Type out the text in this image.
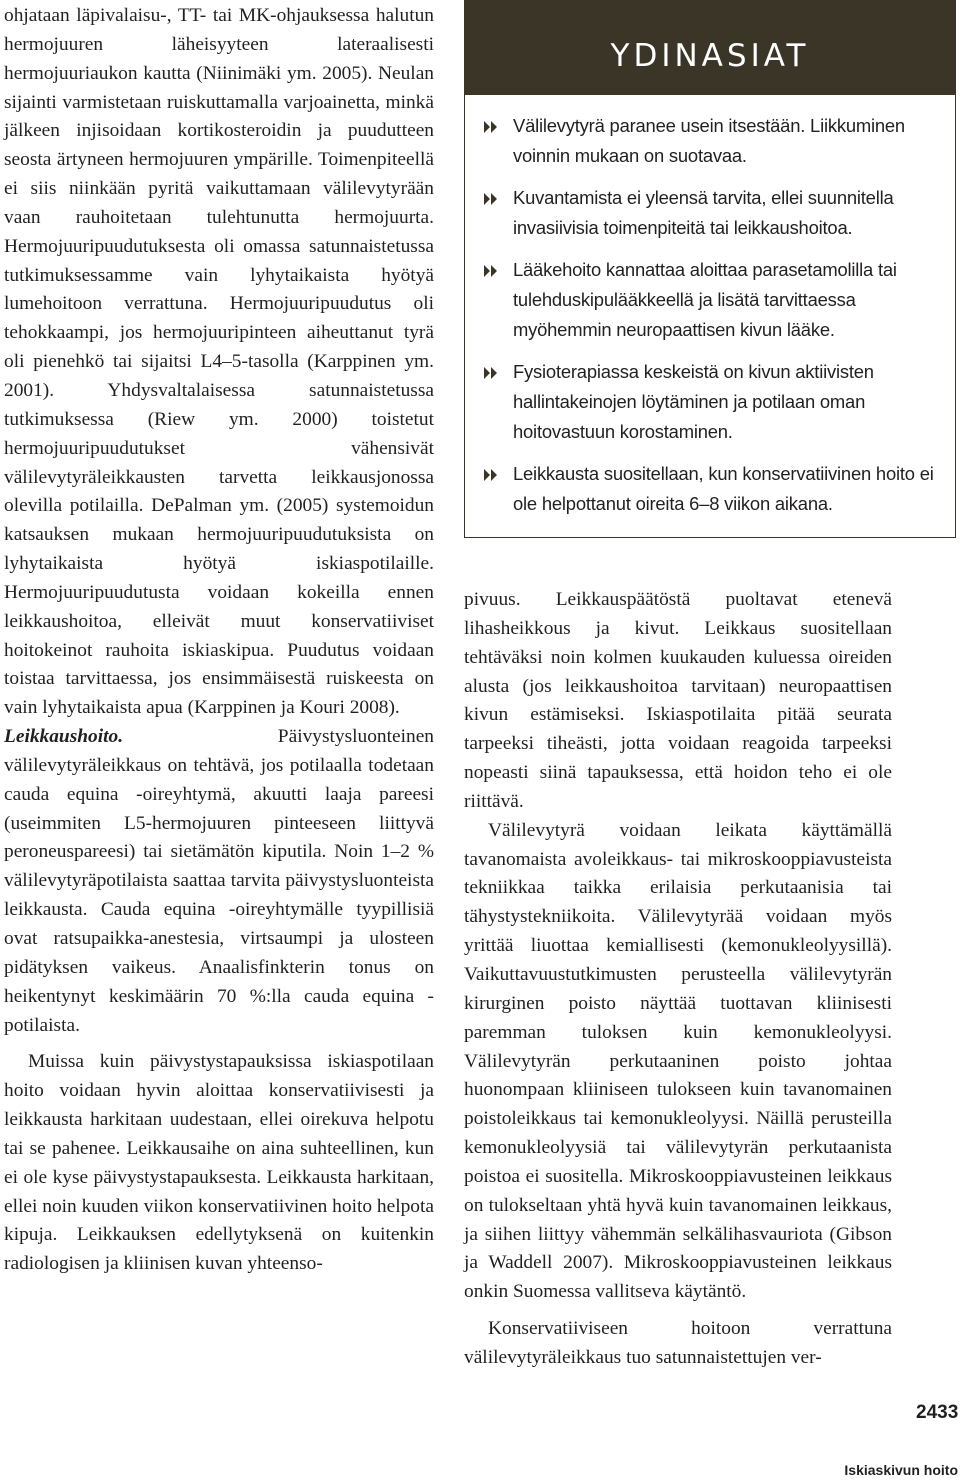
ohjataan läpivalaisu-, TT- tai MK-ohjauksessa halutun hermojuuren läheisyyteen lateraalisesti hermojuuriaukon kautta (Niinimäki ym. 2005). Neulan sijainti varmistetaan ruiskuttamalla varjoainetta, minkä jälkeen injisoidaan kortikosteroidin ja puudutteen seosta ärtyneen hermojuuren ympärille. Toimenpiteellä ei siis niinkään pyritä vaikuttamaan välilevytyrään vaan rauhoitetaan tulehtunutta hermojuurta. Hermojuuripuudutuksesta oli omassa satunnaistetussa tutkimuksessamme vain lyhytaikaista hyötyä lumehoitoon verrattuna. Hermojuuripuudutus oli tehokkaampi, jos hermojuuripinteen aiheuttanut tyrä oli pienehkö tai sijaitsi L4–5-tasolla (Karppinen ym. 2001). Yhdysvaltalaisessa satunnaistetussa tutkimuksessa (Riew ym. 2000) toistetut hermojuuripuudutukset vähensivät välilevytyräleikkausten tarvetta leikkausjonossa olevilla potilailla. DePalman ym. (2005) systemoidun katsauksen mukaan hermojuuripuudutuksista on lyhytaikaista hyötyä iskiaspotilaille. Hermojuuripuudutusta voidaan kokeilla ennen leikkaushoitoa, elleivät muut konservatiiviset hoitokeinot rauhoita iskiaskipua. Puudutus voidaan toistaa tarvittaessa, jos ensimmäisestä ruiskeesta on vain lyhytaikaista apua (Karppinen ja Kouri 2008).

Leikkaushoito. Päivystysluonteinen välilevytyräleikkaus on tehtävä, jos potilaalla todetaan cauda equina -oireyhtymä, akuutti laaja pareesi (useimmiten L5-hermojuuren pinteeseen liittyvä peroneuspareesi) tai sietämätön kiputila. Noin 1–2 % välilevytyräpotilaista saattaa tarvita päivystysluonteista leikkausta. Cauda equina -oireyhtymälle tyypillisiä ovat ratsupaikka-anestesia, virtsaumpi ja ulosteen pidätyksen vaikeus. Anaalisfinkterin tonus on heikentynyt keskimäärin 70 %:lla cauda equina -potilaista.

Muissa kuin päivystystapauksissa iskiaspotilaan hoito voidaan hyvin aloittaa konservatiivisesti ja leikkausta harkitaan uudestaan, ellei oirekuva helpotu tai se pahenee. Leikkausaihe on aina suhteellinen, kun ei ole kyse päivystystapauksesta. Leikkausta harkitaan, ellei noin kuuden viikon konservatiivinen hoito helpota kipuja. Leikkauksen edellytyksenä on kuitenkin radiologisen ja kliinisen kuvan yhteenso-

YDINASIAT
Välilevytyrä paranee usein itsestään. Liikkuminen voinnin mukaan on suotavaa.
Kuvantamista ei yleensä tarvita, ellei suunnitella invasiivisia toimenpiteitä tai leikkaushoitoa.
Lääkehoito kannattaa aloittaa parasetamolilla tai tulehduskipulääkkeellä ja lisätä tarvittaessa myöhemmin neuropaattisen kivun lääke.
Fysioterapiassa keskeistä on kivun aktiivisten hallintakeinojen löytäminen ja potilaan oman hoitovastuun korostaminen.
Leikkausta suositellaan, kun konservatiivinen hoito ei ole helpottanut oireita 6–8 viikon aikana.

pivuus. Leikkauspäätöstä puoltavat etenevä lihasheikkous ja kivut. Leikkaus suositellaan tehtäväksi noin kolmen kuukauden kuluessa oireiden alusta (jos leikkaushoitoa tarvitaan) neuropaattisen kivun estämiseksi. Iskiaspotilaita pitää seurata tarpeeksi tiheästi, jotta voidaan reagoida tarpeeksi nopeasti siinä tapauksessa, että hoidon teho ei ole riittävä.

Välilevytyrä voidaan leikata käyttämällä tavanomaista avoleikkaus- tai mikroskooppiavusteista tekniikkaa taikka erilaisia perkutaanisia tai tähystystekniikoita. Välilevytyrää voidaan myös yrittää liuottaa kemiallisesti (kemonukleolyysillä). Vaikuttavuustutkimusten perusteella välilevytyrän kirurginen poisto näyttää tuottavan kliinisesti paremman tuloksen kuin kemonukleolyysi. Välilevytyrän perkutaaninen poisto johtaa huonompaan kliiniseen tulokseen kuin tavanomainen poistoleikkaus tai kemonukleolyysi. Näillä perusteilla kemonukleolyysiä tai välilevytyrän perkutaanista poistoa ei suositella. Mikroskooppiavusteinen leikkaus on tulokseltaan yhtä hyvä kuin tavanomainen leikkaus, ja siihen liittyy vähemmän selkälihasvauriota (Gibson ja Waddell 2007). Mikroskooppiavusteinen leikkaus onkin Suomessa vallitseva käytäntö.

Konservatiiviseen hoitoon verrattuna välilevytyräleikkaus tuo satunnaistettujen ver-

2433
Iskiaskivun hoito
